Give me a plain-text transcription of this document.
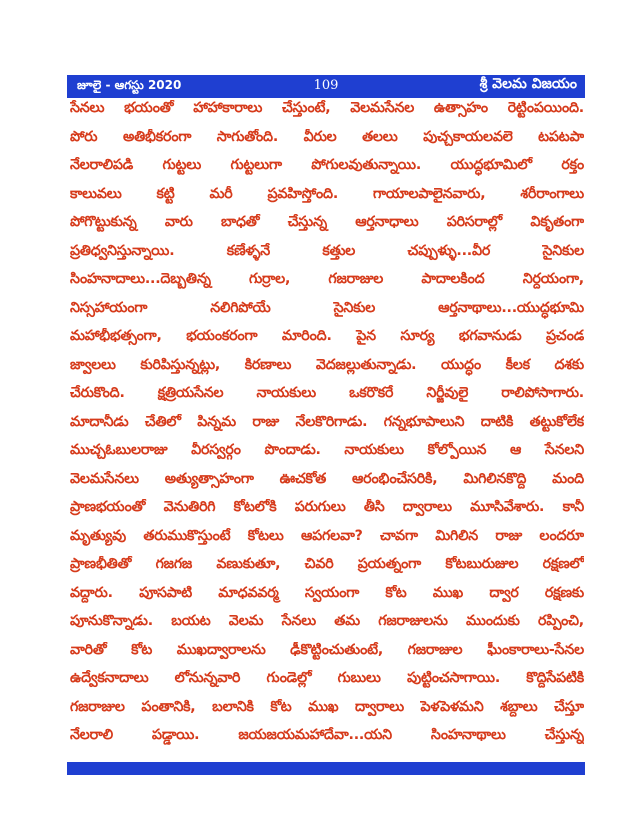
జూలై - ఆగస్టు 2020	109	శ్రీ వెలమ విజయం
సేనలు భయంతో హాహాకారాలు చేస్తుంటే, వెలమసేనల ఉత్సాహం రెట్టింపయింది.
పోరు అతిభీకరంగా సాగుతోంది. వీరుల తలలు పుచ్చకాయలవలె టపటపా
నేలరాలిపడి గుట్టలు గుట్టలుగా పోగులవుతున్నాయి. యుద్ధభూమిలో రక్తం
కాలువలు కట్టి మరీ ప్రవహిస్తోంది. గాయాలపాలైనవారు, శరీరాంగాలు
పోగొట్టుకున్న వారు బాధతో చేస్తున్న ఆర్తనాధాలు పరిసరాల్లో వికృతంగా
ప్రతిధ్వనిస్తున్నాయి. కణేళ్ళనే కత్తుల చప్పుళ్ళు...వీర సైనికుల
సింహనాదాలు...దెబ్బతిన్న గుర్రాల, గజరాజుల పాదాలకింద నిర్దయంగా,
నిస్సహాయంగా నలిగిపోయే సైనికుల ఆర్తనాథాలు...యుద్ధభూమి
మహాభీభత్సంగా, భయంకరంగా మారింది. పైన సూర్య భగవానుడు ప్రచండ
జ్వాలలు కురిపిస్తున్నట్లు, కిరణాలు వెదజల్లుతున్నాడు. యుద్ధం కీలక దశకు
చేరుకొంది. క్షత్రియసేనల నాయకులు ఒకరొకరే నిర్జీవులై రాలిపోసాగారు.
మాదానీడు చేతిలో పిన్నమ రాజు నేలకొరిగాడు. గన్నభూపాలుని దాటికి తట్టుకోలేక
ముచ్చఓబులరాజు వీరస్వర్గం పొందాడు. నాయకులు కోల్పోయిన ఆ సేనలని
వెలమసేనలు అత్యుత్సాహంగా ఊచకోత ఆరంభించేసరికి, మిగిలినకొద్ది మంది
ప్రాణభయంతో వెనుతిరిగి కోటలోకి పరుగులు తీసి ద్వారాలు మూసివేశారు. కానీ
మృత్యువు తరుముకొస్తుంటే కోటలు ఆపగలవా? చావగా మిగిలిన రాజు లందరూ
ప్రాణభీతితో గజగజ వణుకుతూ, చివరి ప్రయత్నంగా కోటబురుజుల రక్షణలో
వద్దారు. పూసపాటి మాధవవర్మ స్వయంగా కోట ముఖ ద్వార రక్షణకు
పూనుకొన్నాడు. బయట వెలమ సేనలు తమ గజరాజులను ముందుకు రప్పించి,
వారితో కోట ముఖద్వారాలను ఢీకొట్టించుతుంటే, గజరాజుల ఘీంకారాలు-సేనల
ఉద్వేకనాదాలు లోనున్నవారి గుండెల్లో గుబులు పుట్టించసాగాయి. కొద్దిసేపటికి
గజరాజుల పంతానికి, బలానికి కోట ముఖ ద్వారాలు పెళపెళమని శబ్దాలు చేస్తూ
నేలరాలి పడ్డాయి. జయజయమహాదేవా...యని సింహనాథాలు చేస్తున్న
